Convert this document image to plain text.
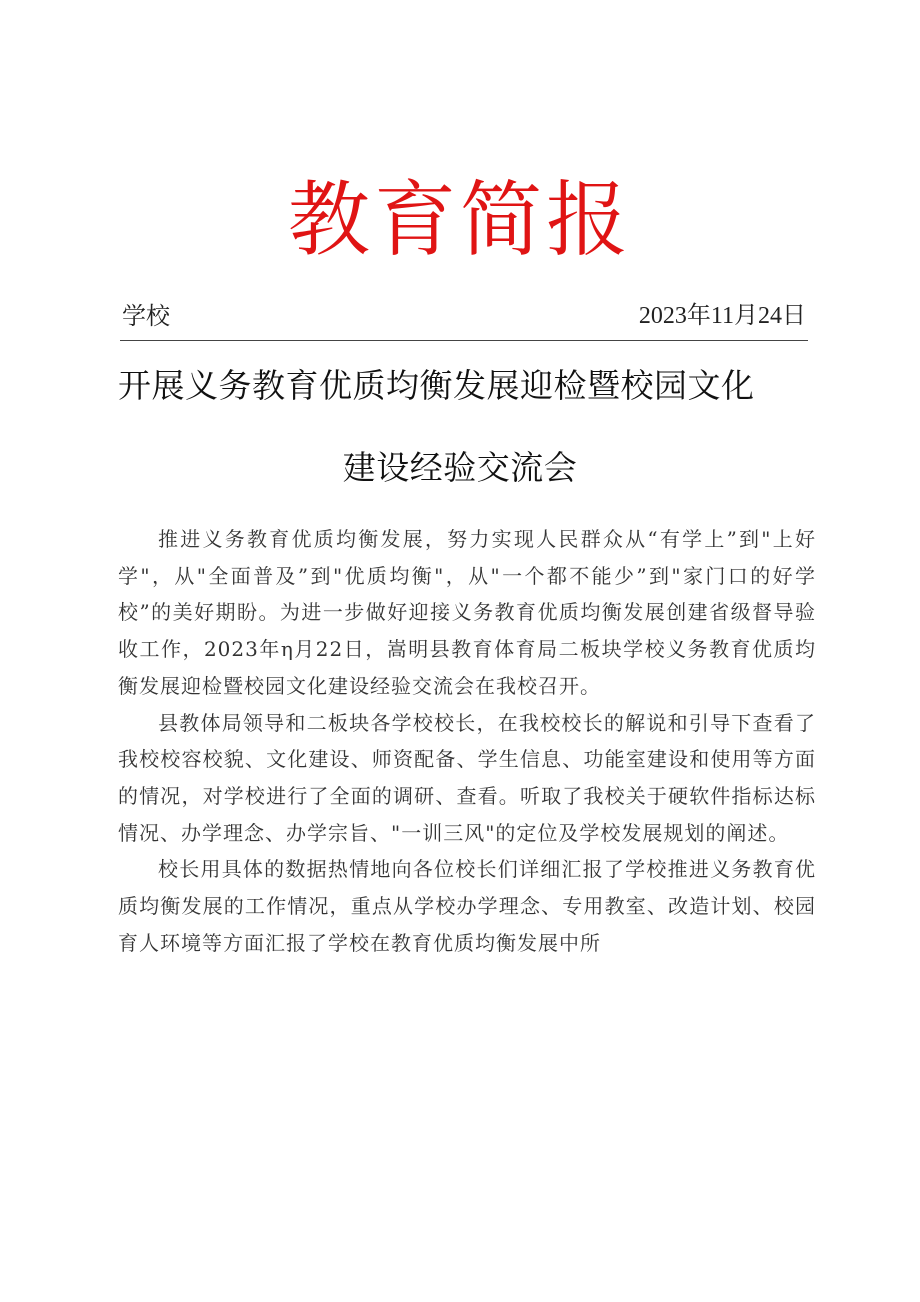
教育简报
学校	2023年11月24日
开展义务教育优质均衡发展迎检暨校园文化
建设经验交流会

推进义务教育优质均衡发展，努力实现人民群众从“有学上”到"上好学"，从"全面普及”到"优质均衡"，从"一个都不能少”到"家门口的好学校”的美好期盼。为进一步做好迎接义务教育优质均衡发展创建省级督导验收工作，2023年η月22日，嵩明县教育体育局二板块学校义务教育优质均衡发展迎检暨校园文化建设经验交流会在我校召开。

县教体局领导和二板块各学校校长，在我校校长的解说和引导下查看了我校校容校貌、文化建设、师资配备、学生信息、功能室建设和使用等方面的情况，对学校进行了全面的调研、查看。听取了我校关于硬软件指标达标情况、办学理念、办学宗旨、"一训三风"的定位及学校发展规划的阐述。

校长用具体的数据热情地向各位校长们详细汇报了学校推进义务教育优质均衡发展的工作情况，重点从学校办学理念、专用教室、改造计划、校园育人环境等方面汇报了学校在教育优质均衡发展中所
